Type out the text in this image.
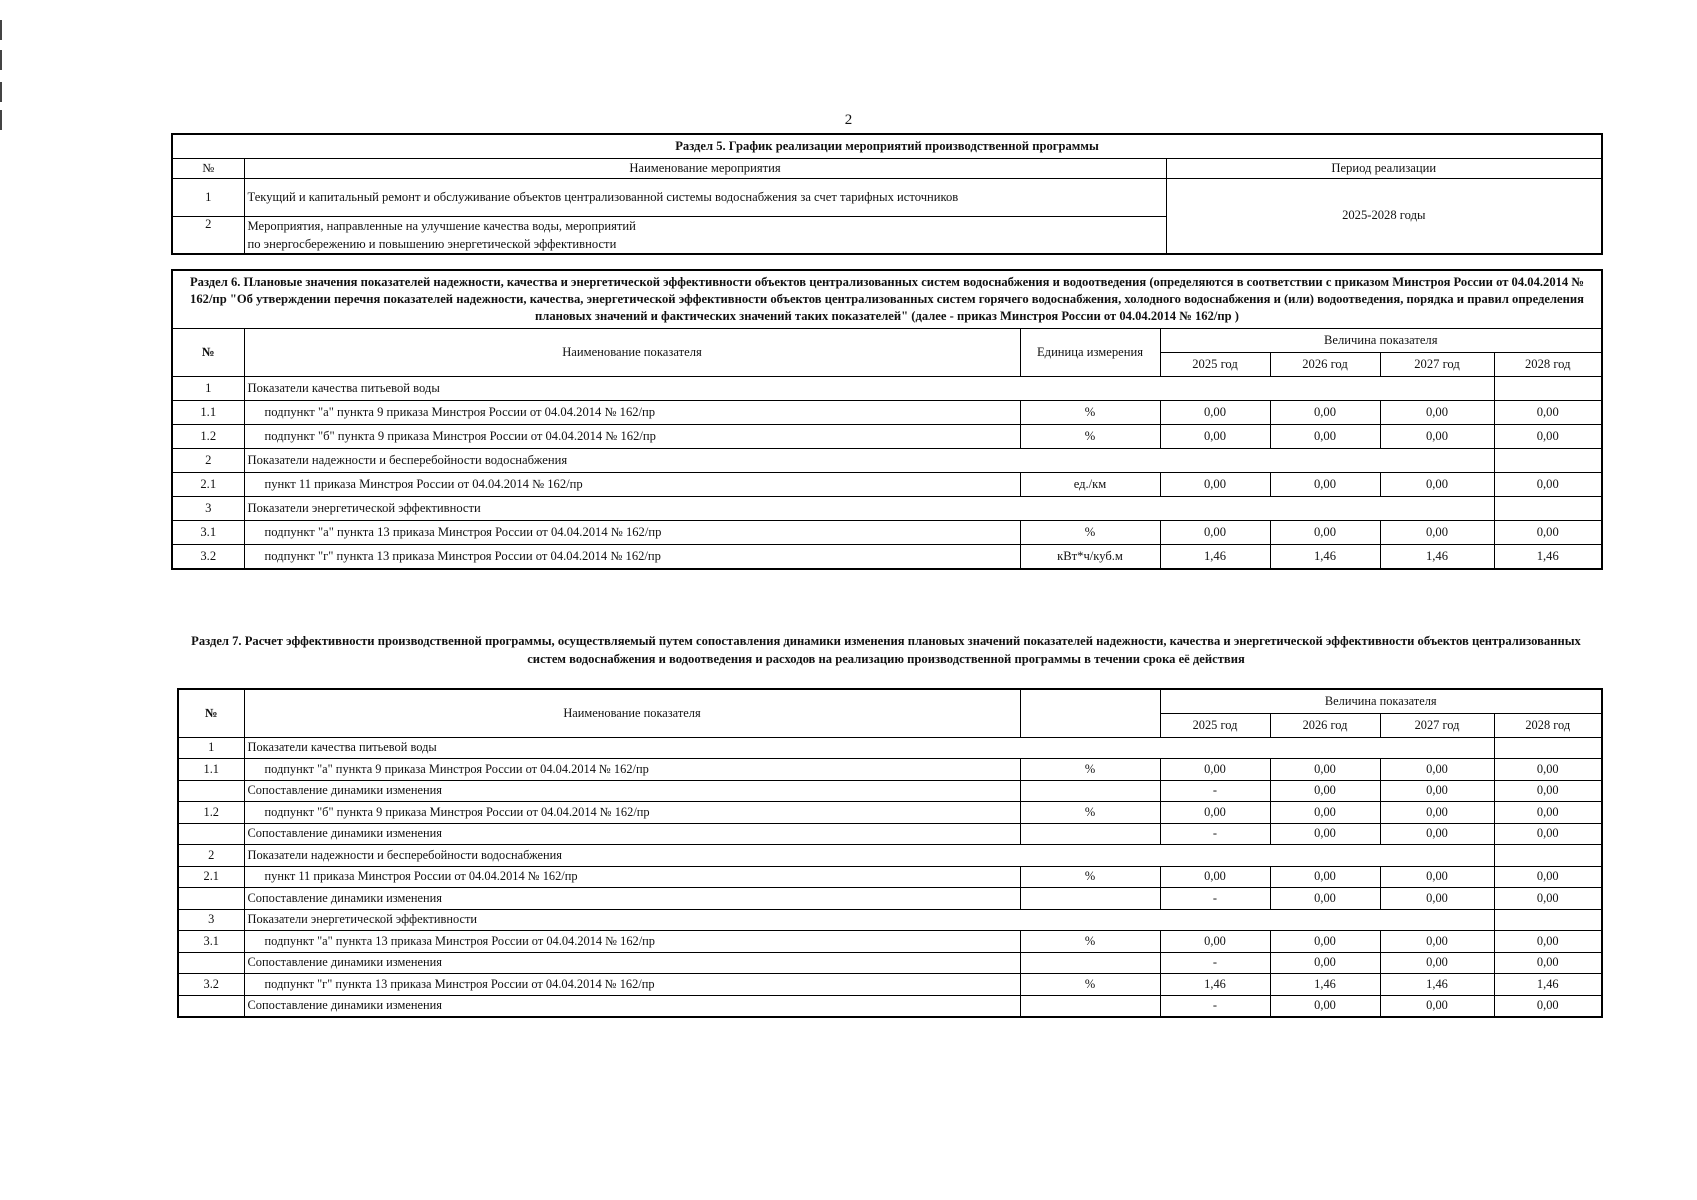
2
Раздел 5. График реализации мероприятий производственной программы		
№	Наименование мероприятия	Период реализации
1	Текущий и капитальный ремонт и обслуживание объектов централизованной системы водоснабжения за счет тарифных источников	2025-2028 годы
2	Мероприятия, направленные на улучшение качества воды, мероприятий
по энергосбережению и повышению энергетической эффективности	
Раздел 6. Плановые значения показателей надежности, качества и энергетической эффективности объектов централизованных систем водоснабжения и водоотведения (определяются в соответствии с приказом Минстроя России от 04.04.2014 № 162/пр "Об утверждении перечня показателей надежности, качества, энергетической эффективности объектов централизованных систем горячего водоснабжения, холодного водоснабжения и (или) водоотведения, порядка и правил определения плановых значений и фактических значений таких показателей" (далее - приказ Минстроя России от 04.04.2014 № 162/пр )						
№	Наименование показателя	Единица измерения	Величина показателя			
			2025 год	2026 год	2027 год	2028 год
1	Показатели качества питьевой воды					
1.1	подпункт "а" пункта 9 приказа Минстроя России от 04.04.2014 № 162/пр	%	0,00	0,00	0,00	0,00
1.2	подпункт "б" пункта 9 приказа Минстроя России от 04.04.2014 № 162/пр	%	0,00	0,00	0,00	0,00
2	Показатели надежности и бесперебойности водоснабжения					
2.1	пункт 11 приказа Минстроя России от 04.04.2014 № 162/пр	ед./км	0,00	0,00	0,00	0,00
3	Показатели энергетической эффективности					
3.1	подпункт "а" пункта 13 приказа Минстроя России от 04.04.2014 № 162/пр	%	0,00	0,00	0,00	0,00
3.2	подпункт "г" пункта 13 приказа Минстроя России от 04.04.2014 № 162/пр	кВт*ч/куб.м	1,46	1,46	1,46	1,46
Раздел 7. Расчет эффективности производственной программы, осуществляемый путем сопоставления динамики изменения плановых значений показателей надежности, качества и энергетической эффективности объектов централизованных систем водоснабжения и водоотведения и расходов на реализацию производственной программы в течении срока её действия
№	Наименование показателя		Величина показателя			
			2025 год	2026 год	2027 год	2028 год
1	Показатели качества питьевой воды					
1.1	подпункт "а" пункта 9 приказа Минстроя России от 04.04.2014 № 162/пр	%	0,00	0,00	0,00	0,00
	Сопоставление динамики изменения		-	0,00	0,00	0,00
1.2	подпункт "б" пункта 9 приказа Минстроя России от 04.04.2014 № 162/пр	%	0,00	0,00	0,00	0,00
	Сопоставление динамики изменения		-	0,00	0,00	0,00
2	Показатели надежности и бесперебойности водоснабжения					
2.1	пункт 11 приказа Минстроя России от 04.04.2014 № 162/пр	%	0,00	0,00	0,00	0,00
	Сопоставление динамики изменения		-	0,00	0,00	0,00
3	Показатели энергетической эффективности					
3.1	подпункт "а" пункта 13 приказа Минстроя России от 04.04.2014 № 162/пр	%	0,00	0,00	0,00	0,00
	Сопоставление динамики изменения		-	0,00	0,00	0,00
3.2	подпункт "г" пункта 13 приказа Минстроя России от 04.04.2014 № 162/пр	%	1,46	1,46	1,46	1,46
	Сопоставление динамики изменения		-	0,00	0,00	0,00
